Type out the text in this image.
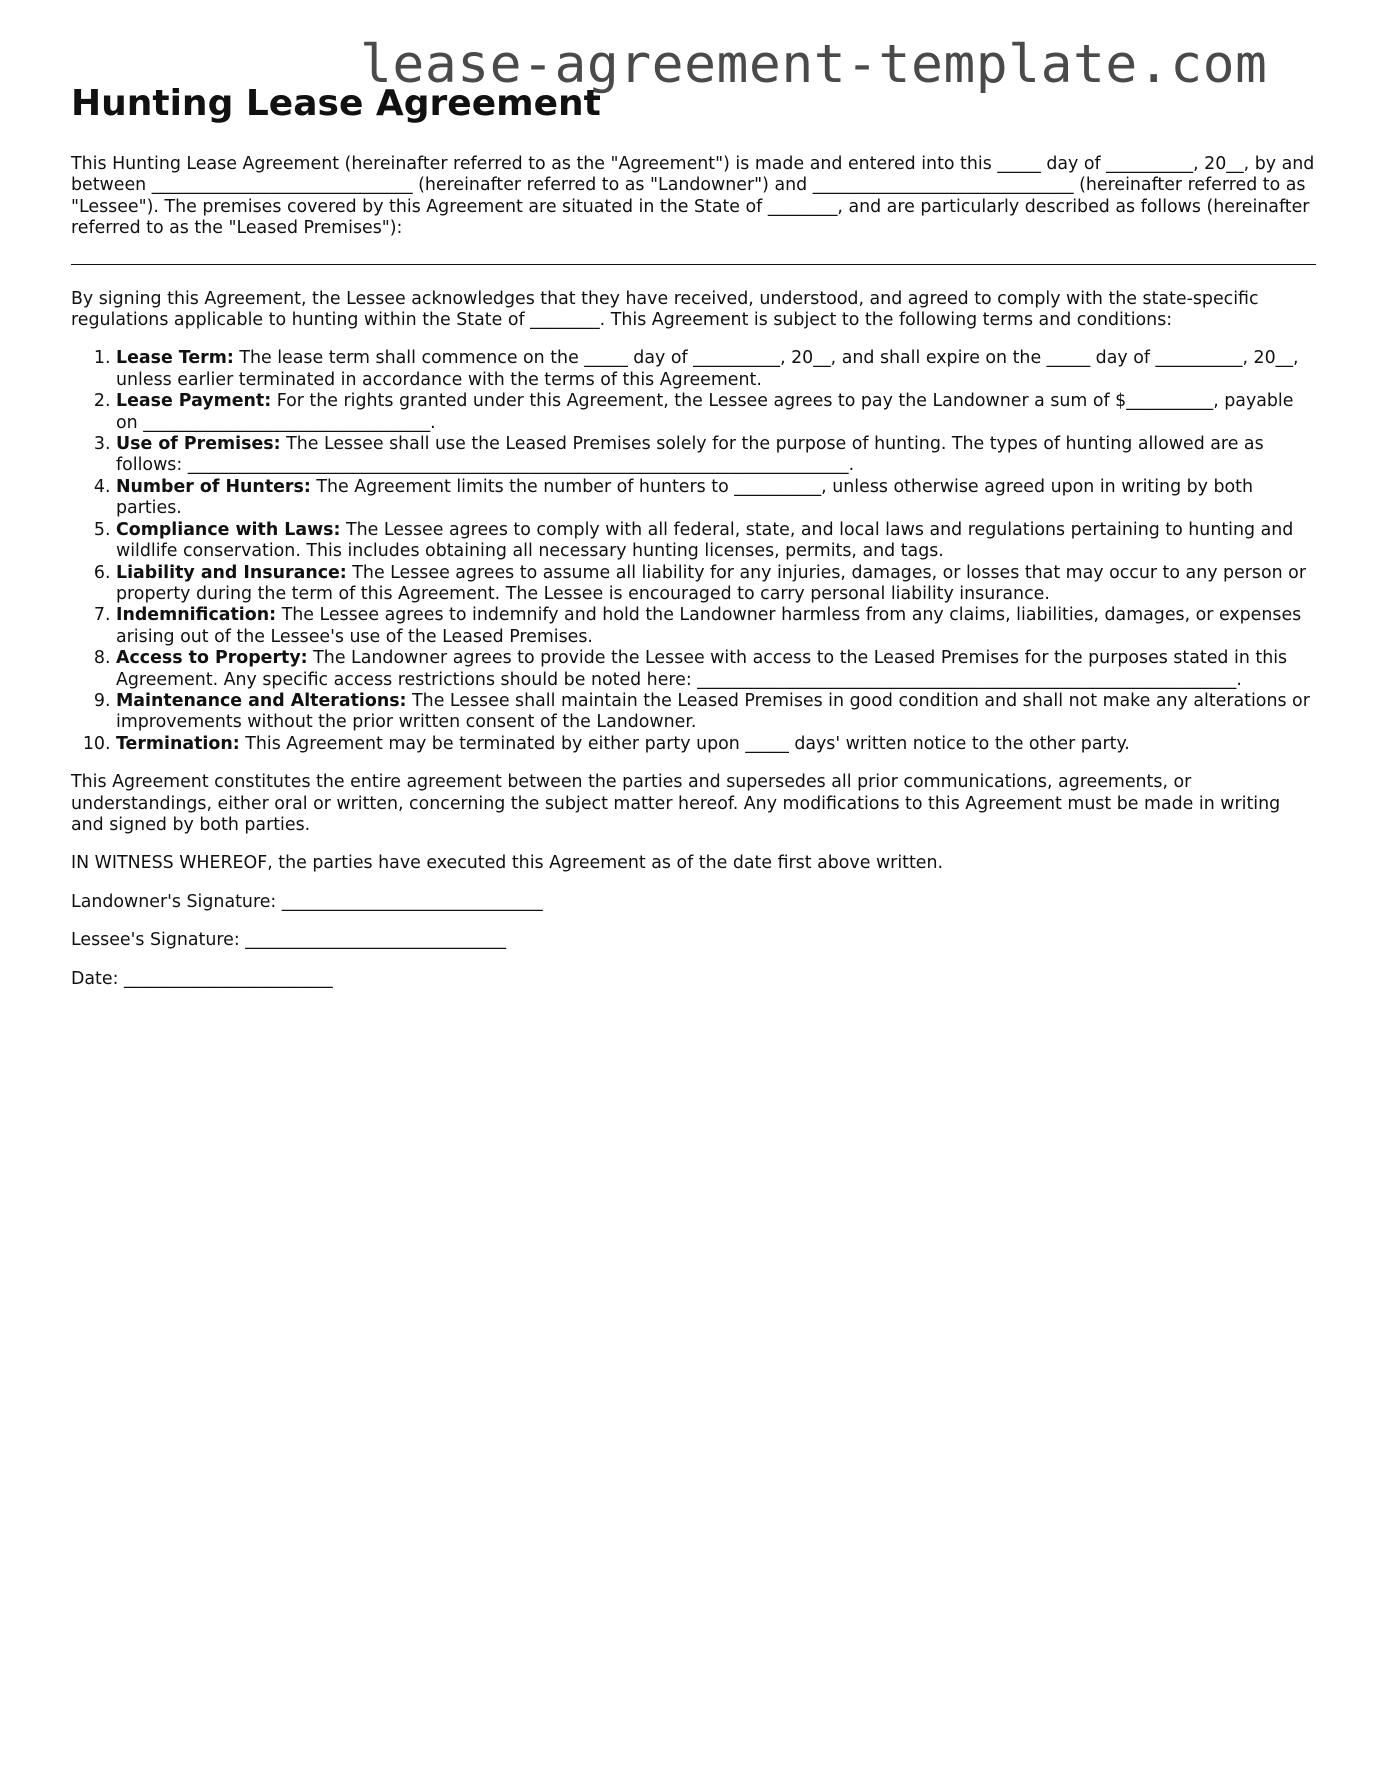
lease-agreement-template.com
Hunting Lease Agreement

This Hunting Lease Agreement (hereinafter referred to as the "Agreement") is made and entered into this _____ day of __________, 20__, by and between ______________________________ (hereinafter referred to as "Landowner") and ______________________________ (hereinafter referred to as "Lessee"). The premises covered by this Agreement are situated in the State of ________, and are particularly described as follows (hereinafter referred to as the "Leased Premises"):

By signing this Agreement, the Lessee acknowledges that they have received, understood, and agreed to comply with the state-specific regulations applicable to hunting within the State of ________. This Agreement is subject to the following terms and conditions:

1. Lease Term: The lease term shall commence on the _____ day of __________, 20__, and shall expire on the _____ day of __________, 20__, unless earlier terminated in accordance with the terms of this Agreement.
2. Lease Payment: For the rights granted under this Agreement, the Lessee agrees to pay the Landowner a sum of $__________, payable on _________________________________.
3. Use of Premises: The Lessee shall use the Leased Premises solely for the purpose of hunting. The types of hunting allowed are as follows: ____________________________________________________________________________.
4. Number of Hunters: The Agreement limits the number of hunters to __________, unless otherwise agreed upon in writing by both parties.
5. Compliance with Laws: The Lessee agrees to comply with all federal, state, and local laws and regulations pertaining to hunting and wildlife conservation. This includes obtaining all necessary hunting licenses, permits, and tags.
6. Liability and Insurance: The Lessee agrees to assume all liability for any injuries, damages, or losses that may occur to any person or property during the term of this Agreement. The Lessee is encouraged to carry personal liability insurance.
7. Indemnification: The Lessee agrees to indemnify and hold the Landowner harmless from any claims, liabilities, damages, or expenses arising out of the Lessee's use of the Leased Premises.
8. Access to Property: The Landowner agrees to provide the Lessee with access to the Leased Premises for the purposes stated in this Agreement. Any specific access restrictions should be noted here: ______________________________________________________________.
9. Maintenance and Alterations: The Lessee shall maintain the Leased Premises in good condition and shall not make any alterations or improvements without the prior written consent of the Landowner.
10. Termination: This Agreement may be terminated by either party upon _____ days' written notice to the other party.

This Agreement constitutes the entire agreement between the parties and supersedes all prior communications, agreements, or understandings, either oral or written, concerning the subject matter hereof. Any modifications to this Agreement must be made in writing and signed by both parties.

IN WITNESS WHEREOF, the parties have executed this Agreement as of the date first above written.

Landowner's Signature: ______________________________

Lessee's Signature: ______________________________

Date: ________________________
